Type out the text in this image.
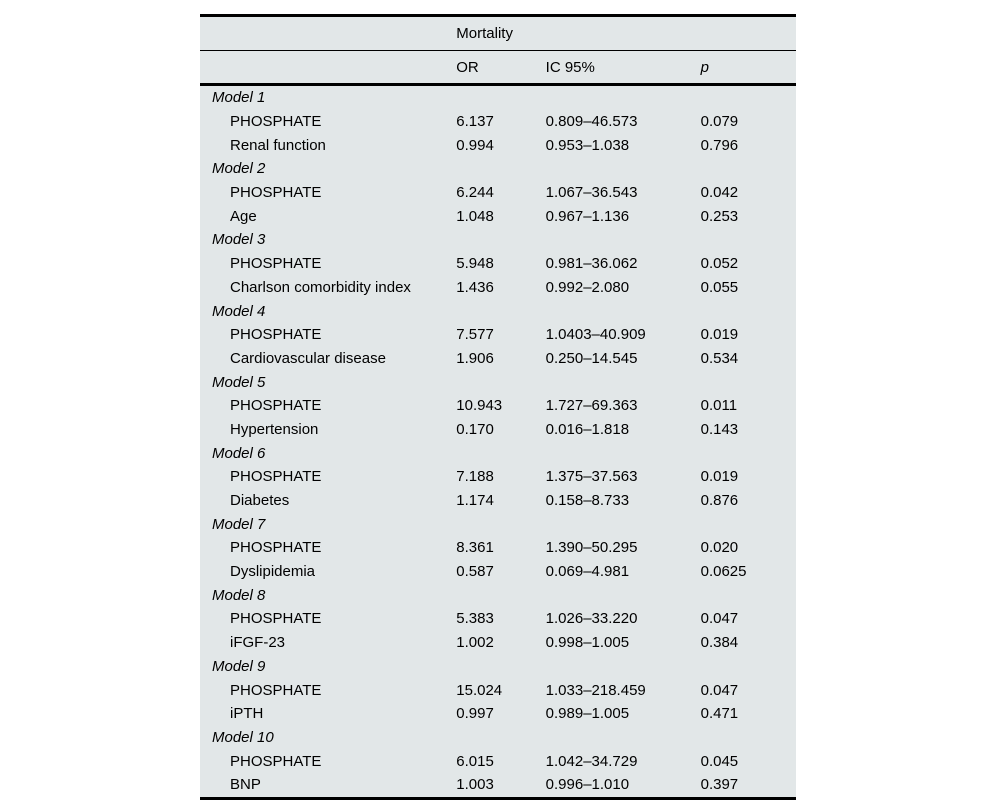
	Mortality		
	OR	IC 95%	p
Model 1			
PHOSPHATE	6.137	0.809–46.573	0.079
Renal function	0.994	0.953–1.038	0.796
Model 2			
PHOSPHATE	6.244	1.067–36.543	0.042
Age	1.048	0.967–1.136	0.253
Model 3			
PHOSPHATE	5.948	0.981–36.062	0.052
Charlson comorbidity index	1.436	0.992–2.080	0.055
Model 4			
PHOSPHATE	7.577	1.0403–40.909	0.019
Cardiovascular disease	1.906	0.250–14.545	0.534
Model 5			
PHOSPHATE	10.943	1.727–69.363	0.011
Hypertension	0.170	0.016–1.818	0.143
Model 6			
PHOSPHATE	7.188	1.375–37.563	0.019
Diabetes	1.174	0.158–8.733	0.876
Model 7			
PHOSPHATE	8.361	1.390–50.295	0.020
Dyslipidemia	0.587	0.069–4.981	0.0625
Model 8			
PHOSPHATE	5.383	1.026–33.220	0.047
iFGF-23	1.002	0.998–1.005	0.384
Model 9			
PHOSPHATE	15.024	1.033–218.459	0.047
iPTH	0.997	0.989–1.005	0.471
Model 10			
PHOSPHATE	6.015	1.042–34.729	0.045
BNP	1.003	0.996–1.010	0.397
